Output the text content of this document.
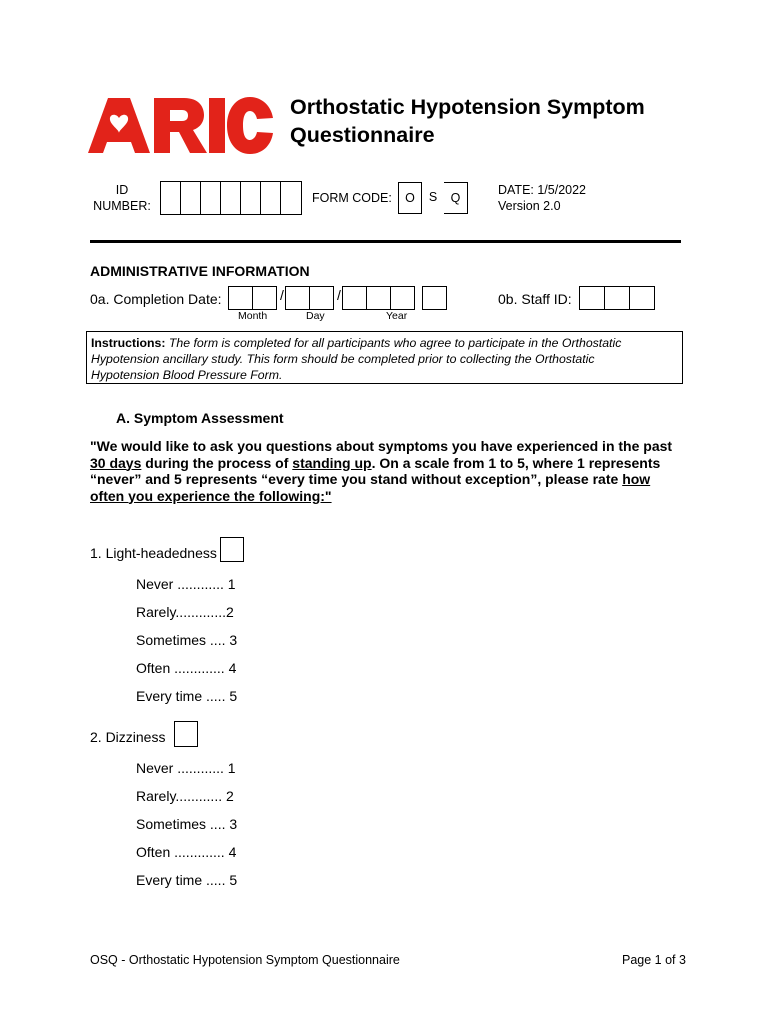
ARIC	Orthostatic Hypotension Symptom
Questionnaire
ID
NUMBER:
FORM CODE:	O	S	Q
DATE: 1/5/2022
Version 2.0
ADMINISTRATIVE INFORMATION
0a. Completion Date:	/	/
Month	Day	Year
0b. Staff ID:
Instructions: The form is completed for all participants who agree to participate in the Orthostatic
Hypotension ancillary study. This form should be completed prior to collecting the Orthostatic
Hypotension Blood Pressure Form.
A. Symptom Assessment
"We would like to ask you questions about symptoms you have experienced in the past
30 days during the process of standing up. On a scale from 1 to 5, where 1 represents
“never” and 5 represents “every time you stand without exception”, please rate how
often you experience the following:"
1. Light-headedness
Never ............ 1
Rarely.............2
Sometimes .... 3
Often ............. 4
Every time ..... 5
2. Dizziness
Never ............ 1
Rarely............ 2
Sometimes .... 3
Often ............. 4
Every time ..... 5
OSQ - Orthostatic Hypotension Symptom Questionnaire	Page 1 of 3
